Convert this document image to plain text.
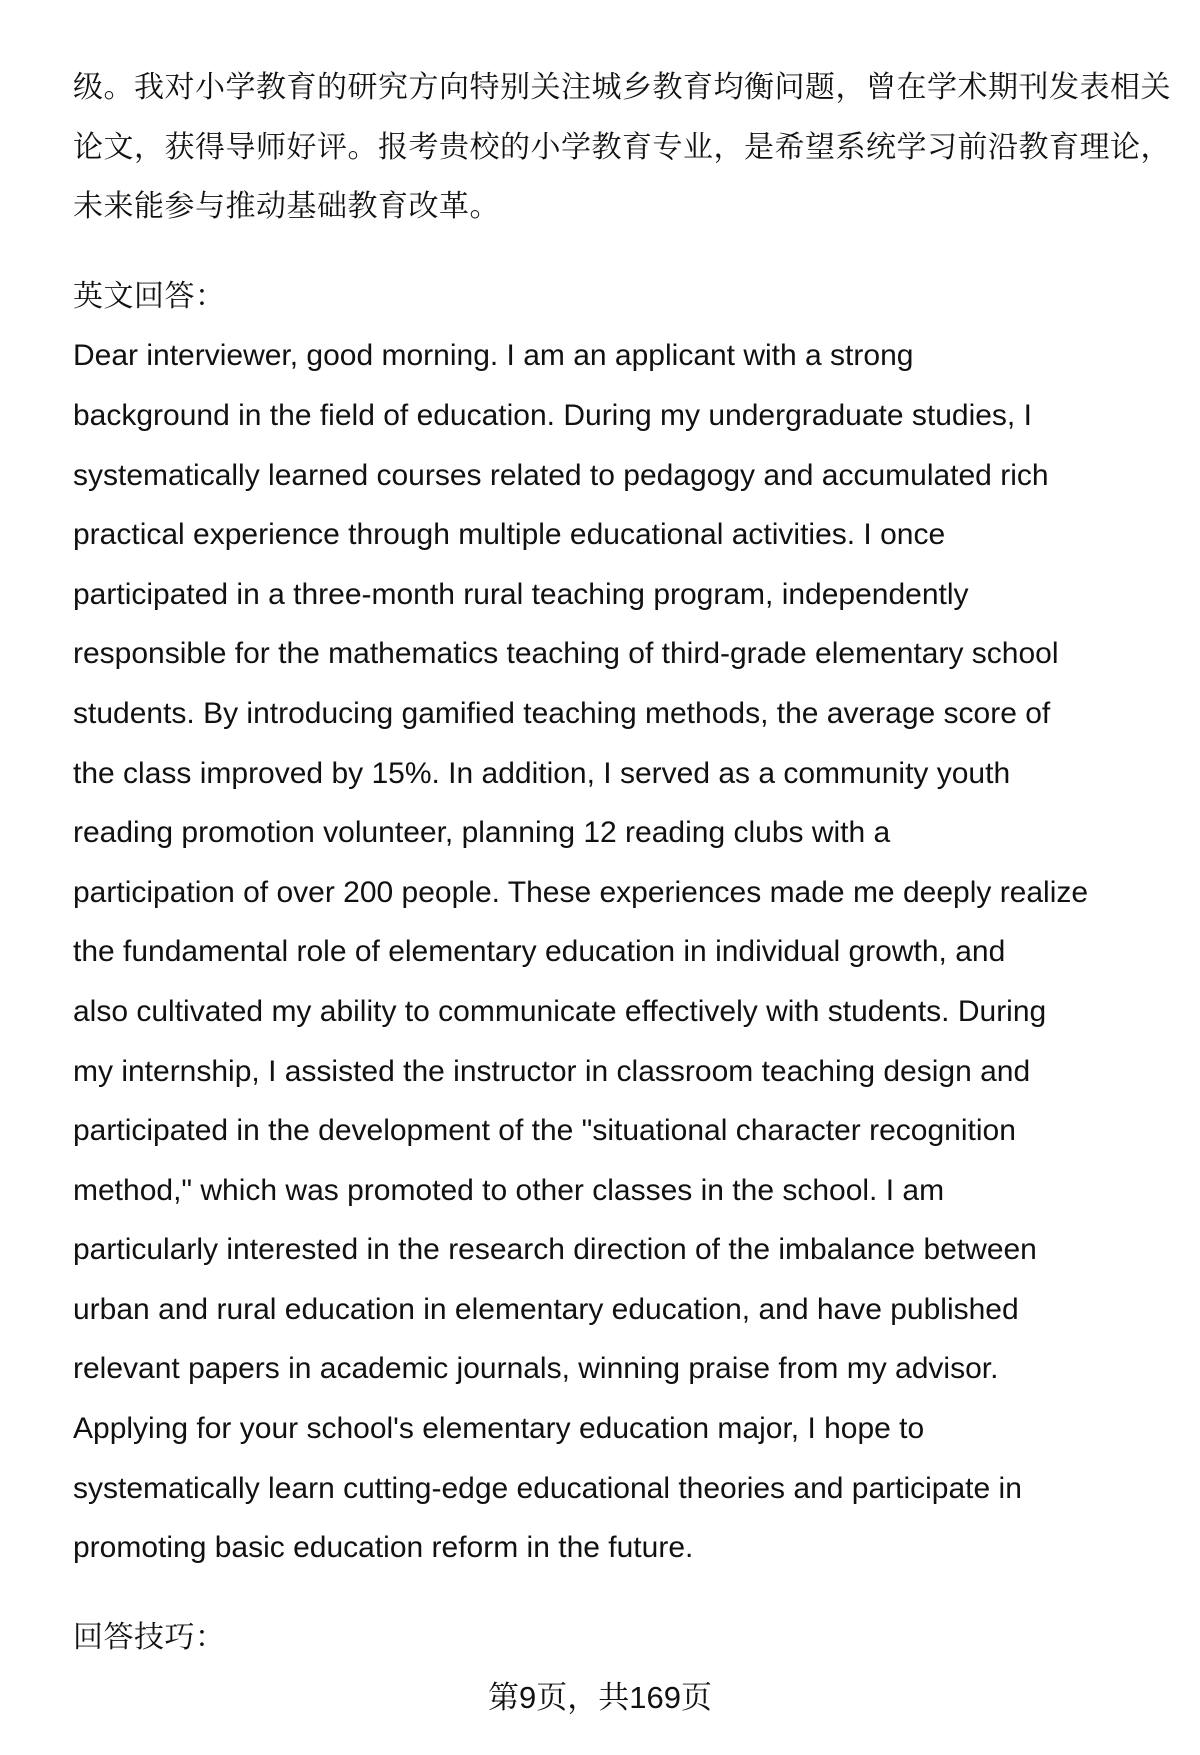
级。我对小学教育的研究方向特别关注城乡教育均衡问题，曾在学术期刊发表相关
论文，获得导师好评。报考贵校的小学教育专业，是希望系统学习前沿教育理论，
未来能参与推动基础教育改革。
英文回答：
Dear interviewer, good morning. I am an applicant with a strong
background in the field of education. During my undergraduate studies, I
systematically learned courses related to pedagogy and accumulated rich
practical experience through multiple educational activities. I once
participated in a three-month rural teaching program, independently
responsible for the mathematics teaching of third-grade elementary school
students. By introducing gamified teaching methods, the average score of
the class improved by 15%. In addition, I served as a community youth
reading promotion volunteer, planning 12 reading clubs with a
participation of over 200 people. These experiences made me deeply realize
the fundamental role of elementary education in individual growth, and
also cultivated my ability to communicate effectively with students. During
my internship, I assisted the instructor in classroom teaching design and
participated in the development of the "situational character recognition
method," which was promoted to other classes in the school. I am
particularly interested in the research direction of the imbalance between
urban and rural education in elementary education, and have published
relevant papers in academic journals, winning praise from my advisor.
Applying for your school's elementary education major, I hope to
systematically learn cutting-edge educational theories and participate in
promoting basic education reform in the future.
回答技巧：
第9页，共169页
